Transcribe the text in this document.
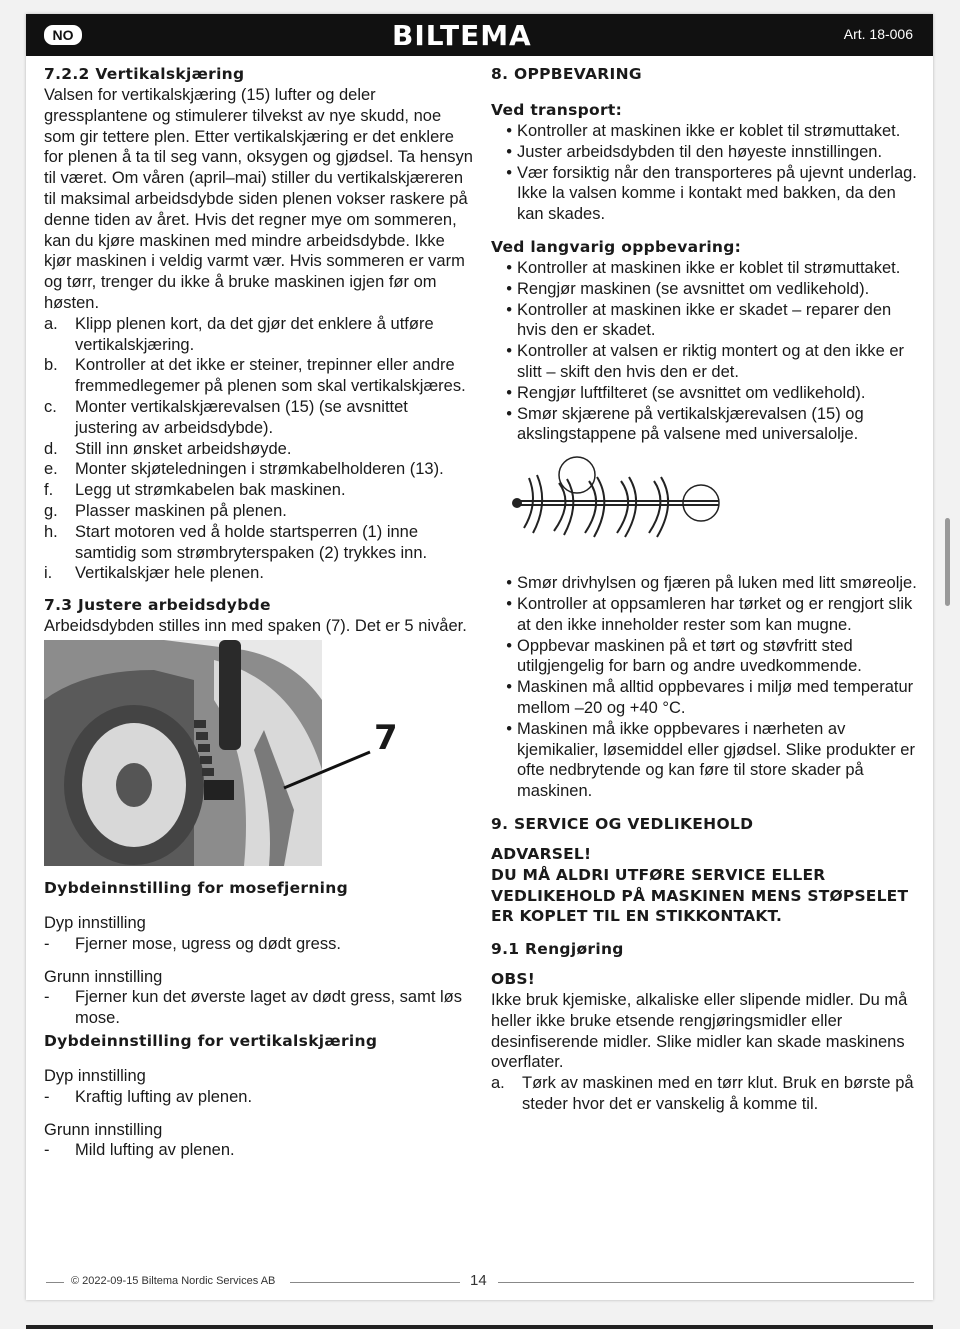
NO	BILTEMA	Art. 18-006
7.2.2 Vertikalskjæring

Valsen for vertikalskjæring (15) lufter og deler gressplantene og stimulerer tilvekst av nye skudd, noe som gir tettere plen. Etter vertikalskjæring er det enklere for plenen å ta til seg vann, oksygen og gjødsel. Ta hensyn til været. Om våren (april–mai) stiller du vertikalskjæreren til maksimal arbeidsdybde siden plenen vokser raskere på denne tiden av året. Hvis det regner mye om sommeren, kan du kjøre maskinen med mindre arbeidsdybde. Ikke kjør maskinen i veldig varmt vær. Hvis sommeren er varm og tørr, trenger du ikke å bruke maskinen igjen før om høsten.

a.	Klipp plenen kort, da det gjør det enklere å utføre vertikalskjæring.
b.	Kontroller at det ikke er steiner, trepinner eller andre fremmedlegemer på plenen som skal vertikalskjæres.
c.	Monter vertikalskjærevalsen (15) (se avsnittet justering av arbeidsdybde).
d.	Still inn ønsket arbeidshøyde.
e.	Monter skjøteledningen i strømkabelholderen (13).
f.	Legg ut strømkabelen bak maskinen.
g.	Plasser maskinen på plenen.
h.	Start motoren ved å holde startsperren (1) inne samtidig som strømbryterspaken (2) trykkes inn.
i.	Vertikalskjær hele plenen.
7.3 Justere arbeidsdybde

Arbeidsdybden stilles inn med spaken (7). Det er 5 nivåer.

7
Dybdeinnstilling for mosefjerning

Dyp innstilling

-	Fjerner mose, ugress og dødt gress.

Grunn innstilling

-	Fjerner kun det øverste laget av dødt gress, samt løs mose.
Dybdeinnstilling for vertikalskjæring

Dyp innstilling

-	Kraftig lufting av plenen.

Grunn innstilling

-	Mild lufting av plenen.
8. OPPBEVARING
Ved transport:
• Kontroller at maskinen ikke er koblet til strømuttaket.
• Juster arbeidsdybden til den høyeste innstillingen.
• Vær forsiktig når den transporteres på ujevnt underlag. Ikke la valsen komme i kontakt med bakken, da den kan skades.
Ved langvarig oppbevaring:
• Kontroller at maskinen ikke er koblet til strømuttaket.
• Rengjør maskinen (se avsnittet om vedlikehold).
• Kontroller at maskinen ikke er skadet – reparer den hvis den er skadet.
• Kontroller at valsen er riktig montert og at den ikke er slitt – skift den hvis den er det.
• Rengjør luftfilteret (se avsnittet om vedlikehold).
• Smør skjærene på vertikalskjærevalsen (15) og akslingstappene på valsene med universalolje.
• Smør drivhylsen og fjæren på luken med litt smøreolje.
• Kontroller at oppsamleren har tørket og er rengjort slik at den ikke inneholder rester som kan mugne.
• Oppbevar maskinen på et tørt og støvfritt sted utilgjengelig for barn og andre uvedkommende.
• Maskinen må alltid oppbevares i miljø med temperatur mellom –20 og +40 °C.
• Maskinen må ikke oppbevares i nærheten av kjemikalier, løsemiddel eller gjødsel. Slike produkter er ofte nedbrytende og kan føre til store skader på maskinen.
9. SERVICE OG VEDLIKEHOLD
ADVARSEL!
DU MÅ ALDRI UTFØRE SERVICE ELLER VEDLIKEHOLD PÅ MASKINEN MENS STØPSELET ER KOPLET TIL EN STIKKONTAKT.
9.1 Rengjøring
OBS!

Ikke bruk kjemiske, alkaliske eller slipende midler. Du må heller ikke bruke etsende rengjøringsmidler eller desinfiserende midler. Slike midler kan skade maskinens overflater.

a.	Tørk av maskinen med en tørr klut. Bruk en børste på steder hvor det er vanskelig å komme til.
© 2022-09-15 Biltema Nordic Services AB	14
